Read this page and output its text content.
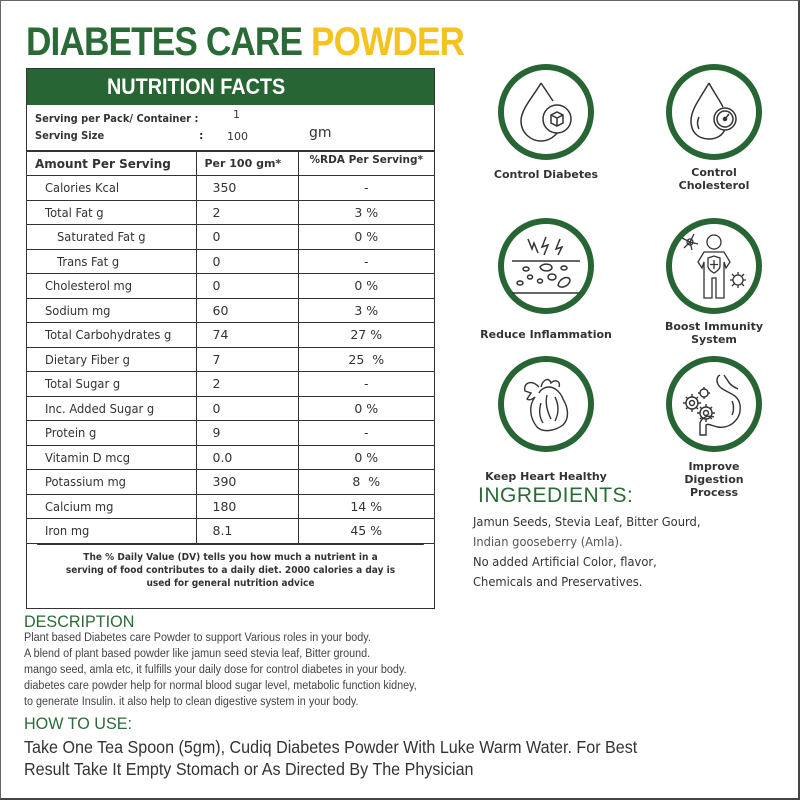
DIABETES CARE POWDER
NUTRITION FACTS
Serving per Pack/ Container :	1
Serving Size	: 100	gm
Amount Per Serving	Per 100 gm*	%RDA Per Serving*
Calories Kcal	350	-
Total Fat g	2	3 %
Saturated Fat g	0	0 %
Trans Fat g	0	-
Cholesterol mg	0	0 %
Sodium mg	60	3 %
Total Carbohydrates g	74	27 %
Dietary Fiber g	7	25  %
Total Sugar g	2	-
Inc. Added Sugar g	0	0 %
Protein g	9	-
Vitamin D mcg	0.0	0 %
Potassium mg	390	8  %
Calcium mg	180	14 %
Iron mg	8.1	45 %
The % Daily Value (DV) tells you how much a nutrient in a serving of food contributes to a daily diet. 2000 calories a day is used for general nutrition advice
Control Diabetes	Control Cholesterol
Reduce Inflammation
Boost Immunity System
Keep Heart Healthy
Improve Digestion Process
INGREDIENTS:
Jamun Seeds, Stevia Leaf, Bitter Gourd,
Indian gooseberry (Amla).
No added Artificial Color, flavor,
Chemicals and Preservatives.
DESCRIPTION
Plant based Diabetes care Powder to support Various roles in your body.
A blend of plant based powder like jamun seed stevia leaf, Bitter ground.
mango seed, amla etc, it fulfills your daily dose for control diabetes in your body.
diabetes care powder help for normal blood sugar level, metabolic function kidney,
to generate Insulin. it also help to clean digestive system in your body.
HOW TO USE:
Take One Tea Spoon (5gm), Cudiq Diabetes Powder With Luke Warm Water. For Best
Result Take It Empty Stomach or As Directed By The Physician
